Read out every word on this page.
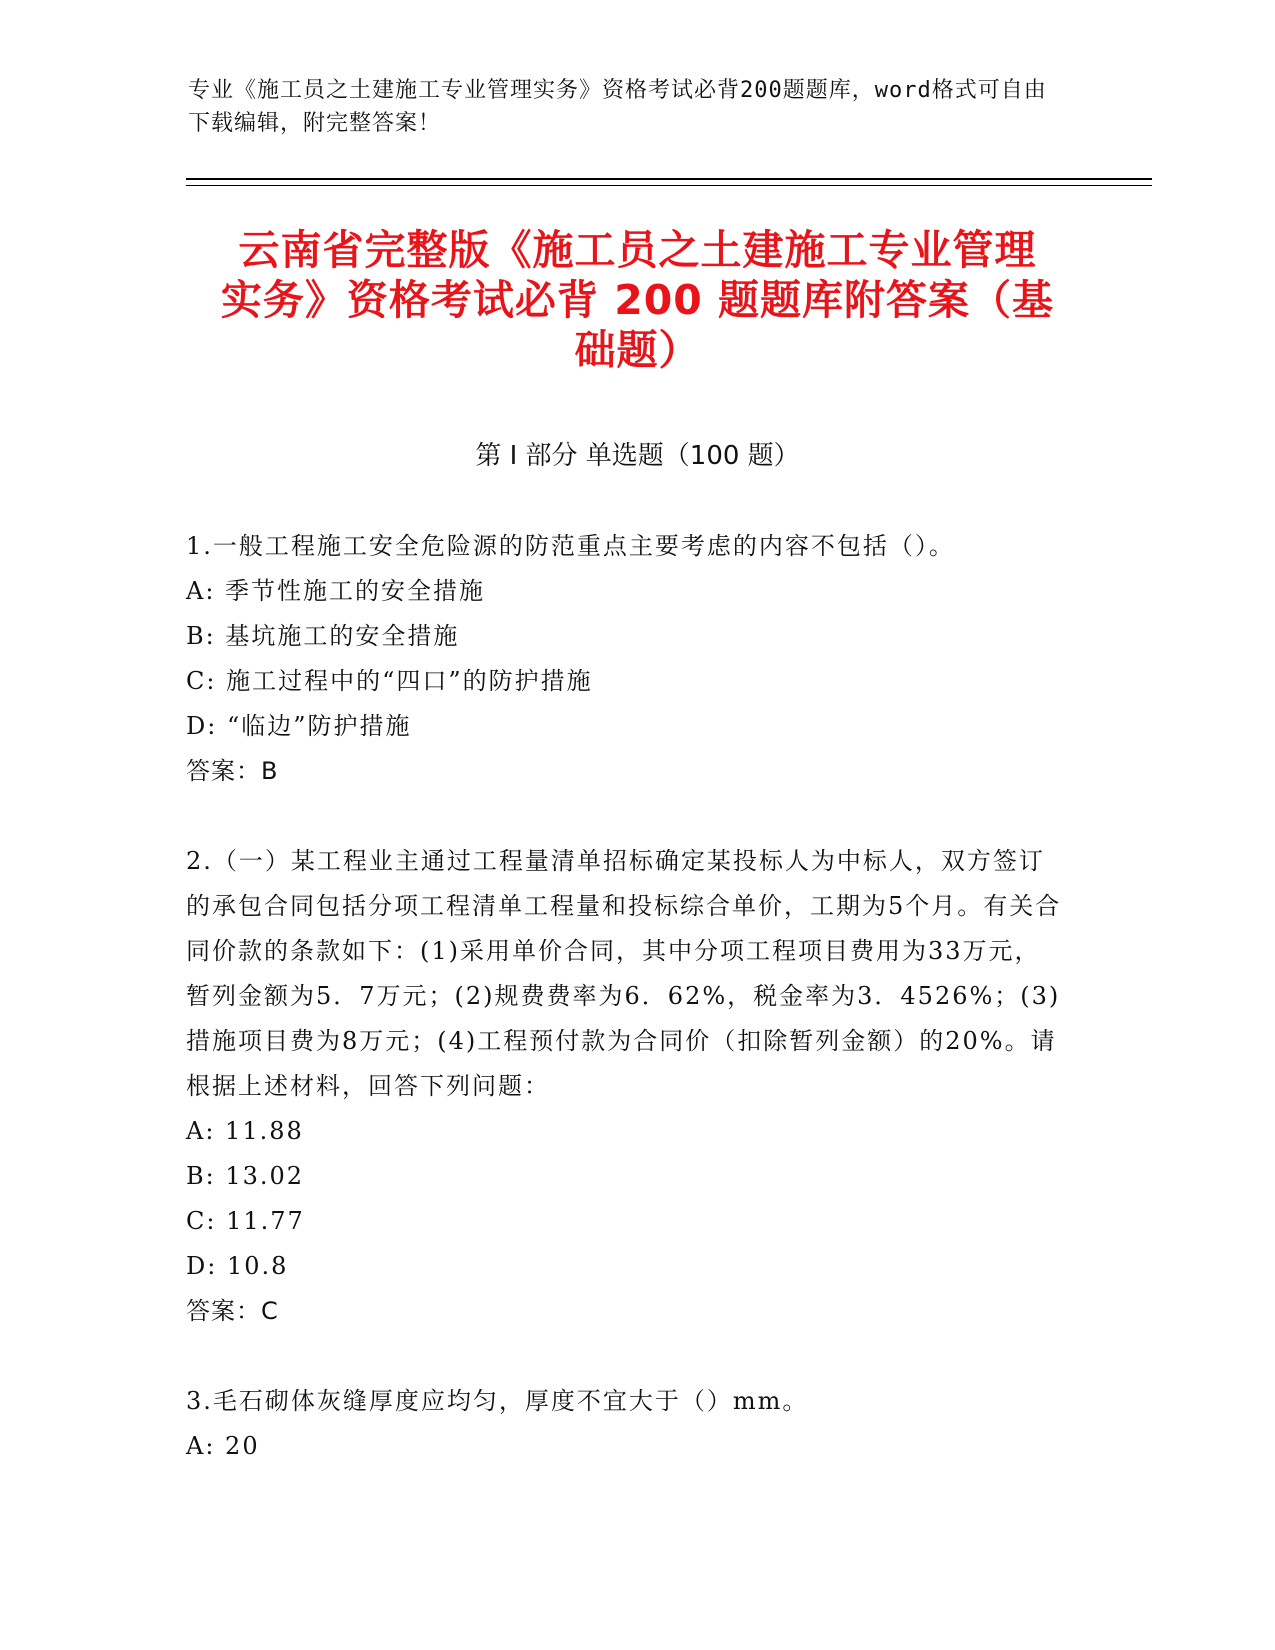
专业《施工员之土建施工专业管理实务》资格考试必背200题题库，word格式可自由下载编辑，附完整答案！
云南省完整版《施工员之土建施工专业管理
实务》资格考试必背 200 题题库附答案（基
础题）
第 I 部分 单选题（100 题）
1.一般工程施工安全危险源的防范重点主要考虑的内容不包括（）。
A: 季节性施工的安全措施
B: 基坑施工的安全措施
C: 施工过程中的“四口”的防护措施
D: “临边”防护措施
答案：B
2.（一）某工程业主通过工程量清单招标确定某投标人为中标人，双方签订的承包合同包括分项工程清单工程量和投标综合单价，工期为5个月。有关合同价款的条款如下：(1)采用单价合同，其中分项工程项目费用为33万元，暂列金额为5．7万元；(2)规费费率为6．62%，税金率为3．4526%；(3)措施项目费为8万元；(4)工程预付款为合同价（扣除暂列金额）的20%。请根据上述材料，回答下列问题：
A: 11.88
B: 13.02
C: 11.77
D: 10.8
答案：C
3.毛石砌体灰缝厚度应均匀，厚度不宜大于（）mm。
A: 20
